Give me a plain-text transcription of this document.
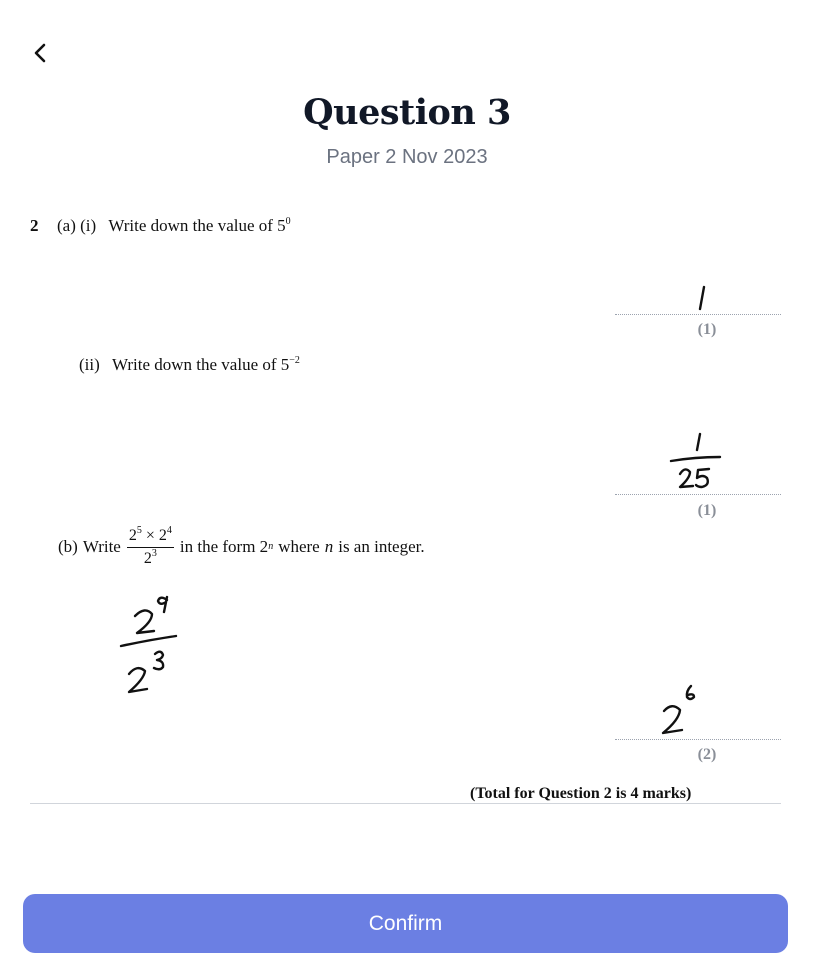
Question 3
Paper 2 Nov 2023
2 (a) (i) Write down the value of $5^0$
(1)
(ii) Write down the value of $5^{-2}$
(1)
(b) Write $\frac{2^5 \times 2^4}{2^3}$ in the form 2 n where n is an integer.
(2)
(Total for Question 2 is 4 marks)
Confirm
